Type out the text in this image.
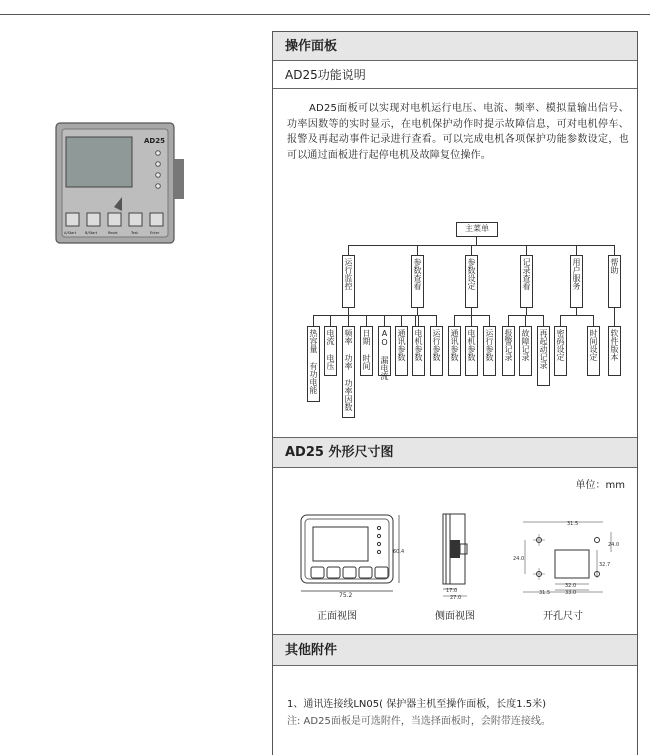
AD25
A/Start	B/Start	Reset	Test	Enter
操作面板
AD25功能说明
AD25面板可以实现对电机运行电压、电流、频率、模拟量输出信号、功率因数等的实时显示，在电机保护动作时提示故障信息，可对电机停车、报警及再起动事件记录进行查看。可以完成电机各项保护功能参数设定，也可以通过面板进行起停电机及故障复位操作。
主菜单
运行监控	参数查看	参数设定	记录查看	用户服务	帮助
热容量 有功电能 电流 电压 频率 功率 功率因数 日期 时间 AO 漏电流 通讯参数 电机参数 运行参数 通讯参数 电机参数 运行参数 报警记录 故障记录 再起动记录 密码设定	时间设定 软件版本
AD25 外形尺寸图
单位：mm
75.2
60.4
17.0
27.0
31.5
24.0
24.0
32.7
32.0
33.0
31.5
正面视图	侧面视图	开孔尺寸
其他附件
1、通讯连接线LN05( 保护器主机至操作面板，长度1.5米)
注: AD25面板是可选附件，当选择面板时，会附带连接线。
